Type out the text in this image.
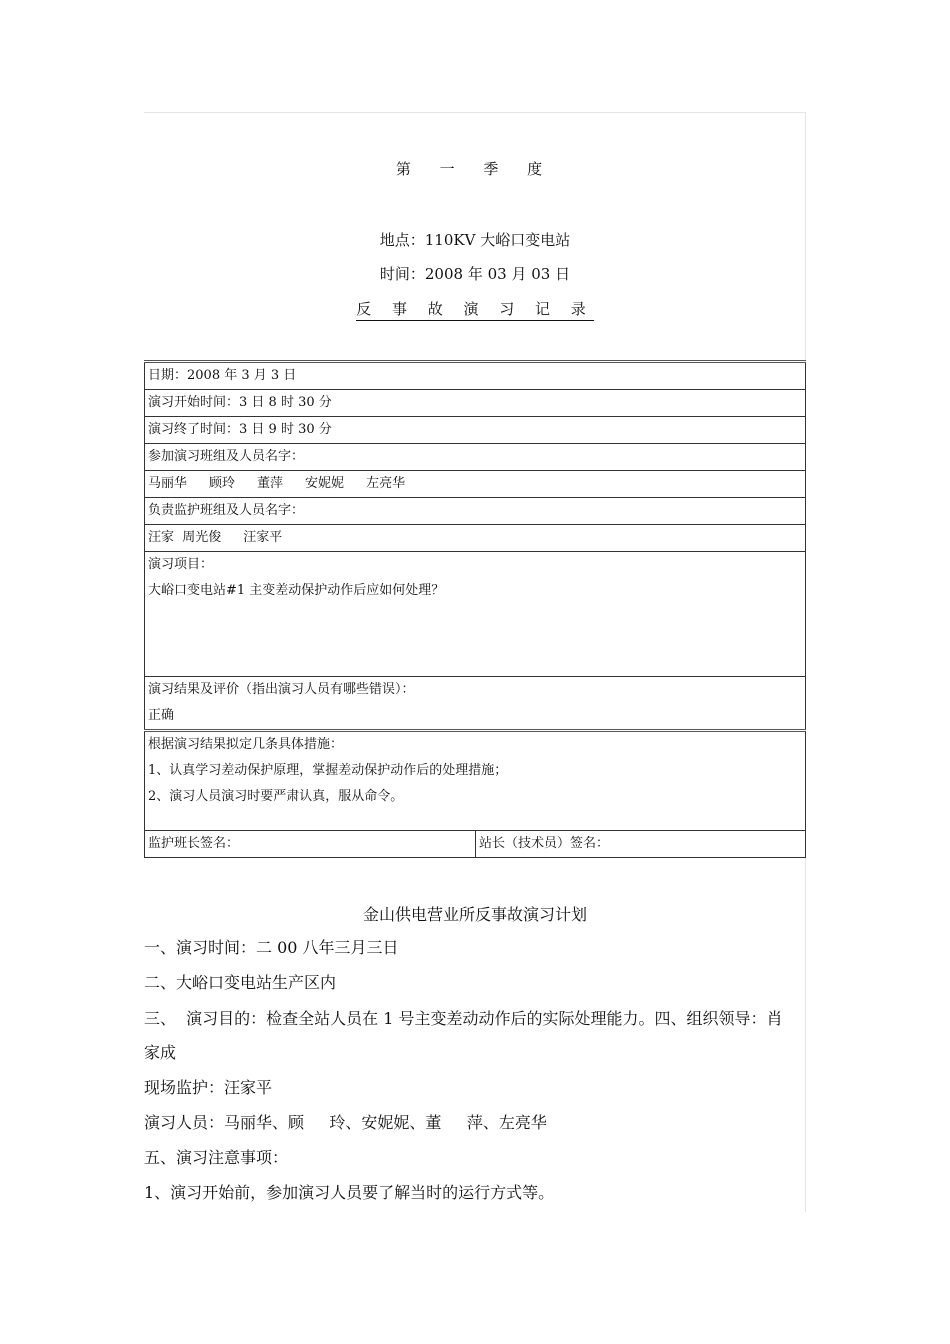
第 一 季 度
地点：110KV 大峪口变电站
时间：2008 年 03 月 03 日
反 事 故 演 习 记 录
日期：2008 年 3 月 3 日
演习开始时间：3 日 8 时 30 分
演习终了时间：3 日 9 时 30 分
参加演习班组及人员名字：
马丽华 顾玲 董萍 安妮妮 左亮华
负责监护班组及人员名字：
汪家 周光俊 汪家平

演习项目：
大峪口变电站#1 主变差动保护动作后应如何处理？

演习结果及评价（指出演习人员有哪些错误）：
正确

根据演习结果拟定几条具体措施：
1、认真学习差动保护原理，掌握差动保护动作后的处理措施；
2、演习人员演习时要严肃认真，服从命令。

监护班长签名：	站长（技术员）签名：
金山供电营业所反事故演习计划
一、演习时间：二 00 八年三月三日
二、大峪口变电站生产区内
三、  演习目的：检查全站人员在 1 号主变差动动作后的实际处理能力。四、组织领导：肖
家成
现场监护：汪家平
演习人员：马丽华、顾     玲、安妮妮、董     萍、左亮华
五、演习注意事项：
1、演习开始前，参加演习人员要了解当时的运行方式等。
